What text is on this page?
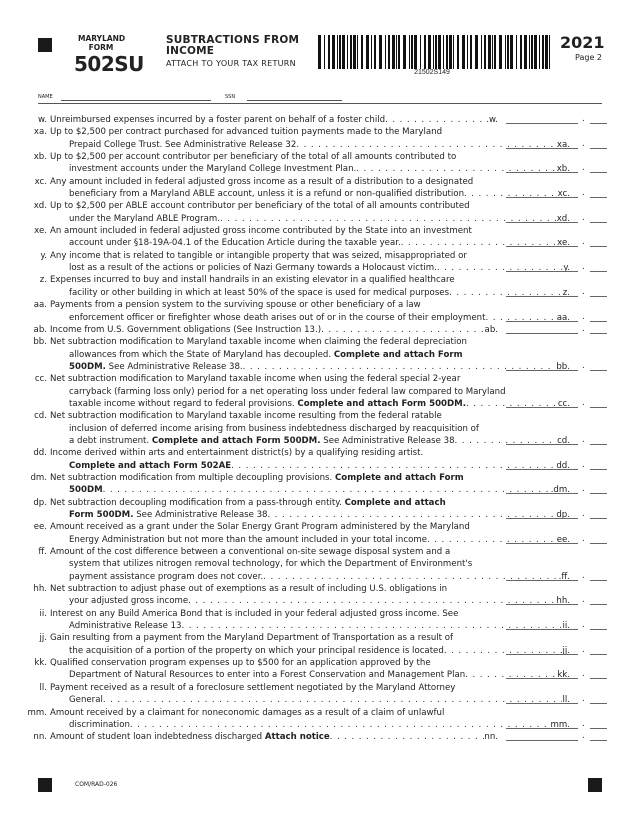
MARYLAND
FORM
502SU
SUBTRACTIONS FROM
INCOME
ATTACH TO YOUR TAX RETURN
21502S149
2021
Page 2
NAME	SSN
w. Unreimbursed expenses incurred by a foster parent on behalf of a foster child . . .	.w.	.
xa. Up to $2,500 per contract purchased for advanced tuition payments made to the Maryland
Prepaid College Trust. See Administrative Release 32 . . .	xa. .
xb. Up to $2,500 per account contributor per beneficiary of the total of all amounts contributed to
investment accounts under the Maryland College Investment Plan. . . .	xb. .
xc. Any amount included in federal adjusted gross income as a result of a distribution to a designated
beneficiary from a Maryland ABLE account, unless it is a refund or non-qualified distribution . . .	xc. .
xd. Up to $2,500 per ABLE account contributor per beneficiary of the total of all amounts contributed
under the Maryland ABLE Program. . . .	xd. .
xe. An amount included in federal adjusted gross income contributed by the State into an investment
account under §18-19A-04.1 of the Education Article during the taxable year. . . .	xe. .
y. Any income that is related to tangible or intangible property that was seized, misappropriated or
lost as a result of the actions or policies of Nazi Germany towards a Holocaust victim. . . .	y. .
z. Expenses incurred to buy and install handrails in an existing elevator in a qualified healthcare
facility or other building in which at least 50% of the space is used for medical purposes . . .	z. .
aa. Payments from a pension system to the surviving spouse or other beneficiary of a law
enforcement officer or firefighter whose death arises out of or in the course of their employment . . .	aa. .
ab. Income from U.S. Government obligations (See Instruction 13.) . . .	ab.	.
bb. Net subtraction modification to Maryland taxable income when claiming the federal depreciation
allowances from which the State of Maryland has decoupled. Complete and attach Form
500DM. See Administrative Release 38. . . .	bb. .
cc. Net subtraction modification to Maryland taxable income when using the federal special 2-year
carryback (farming loss only) period for a net operating loss under federal law compared to Maryland
taxable income without regard to federal provisions. Complete and attach Form 500DM. . . .	cc. .
cd. Net subtraction modification to Maryland taxable income resulting from the federal ratable
inclusion of deferred income arising from business indebtedness discharged by reacquisition of
a debt instrument. Complete and attach Form 500DM. See Administrative Release 38 . . .	cd. .
dd. Income derived within arts and entertainment district(s) by a qualifying residing artist.
Complete and attach Form 502AE . . .	dd. .
dm. Net subtraction modification from multiple decoupling provisions. Complete and attach Form
500DM . . .	.dm. .
dp. Net subtraction decoupling modification from a pass-through entity. Complete and attach
Form 500DM. See Administrative Release 38 . . .	dp. .
ee. Amount received as a grant under the Solar Energy Grant Program administered by the Maryland
Energy Administration but not more than the amount included in your total income . . .	ee. .
ff. Amount of the cost difference between a conventional on-site sewage disposal system and a
system that utilizes nitrogen removal technology, for which the Department of Environment's
payment assistance program does not cover. . . .	.ff. .
hh. Net subtraction to adjust phase out of exemptions as a result of including U.S. obligations in
your adjusted gross income . . .	hh. .
ii. Interest on any Build America Bond that is included in your federal adjusted gross income. See
Administrative Release 13 . . .	ii. .
jj. Gain resulting from a payment from the Maryland Department of Transportation as a result of
the acquisition of a portion of the property on which your principal residence is located . . .	jj. .
kk. Qualified conservation program expenses up to $500 for an application approved by the
Department of Natural Resources to enter into a Forest Conservation and Management Plan . . .	kk. .
ll. Payment received as a result of a foreclosure settlement negotiated by the Maryland Attorney
General . . .	ll. .
mm. Amount received by a claimant for noneconomic damages as a result of a claim of unlawful
discrimination . . .	mm. .
nn. Amount of student loan indebtedness discharged Attach notice . . .	nn.	.
COM/RAD-026
